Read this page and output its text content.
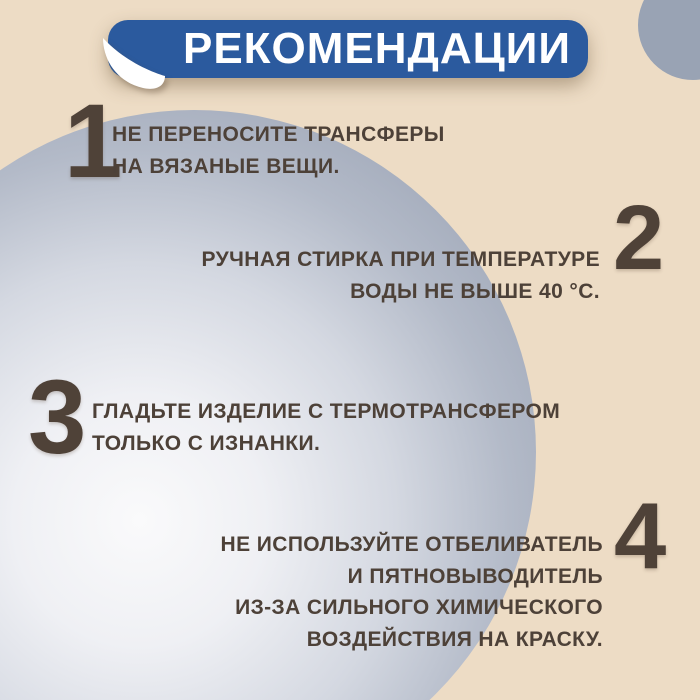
РЕКОМЕНДАЦИИ
1
НЕ ПЕРЕНОСИТЕ ТРАНСФЕРЫ
НА ВЯЗАНЫЕ ВЕЩИ.
2
РУЧНАЯ СТИРКА ПРИ ТЕМПЕРАТУРЕ
ВОДЫ НЕ ВЫШЕ 40 °С.
3 ГЛАДЬТЕ ИЗДЕЛИЕ С ТЕРМОТРАНСФЕРОМ
ТОЛЬКО С ИЗНАНКИ.
4
НЕ ИСПОЛЬЗУЙТЕ ОТБЕЛИВАТЕЛЬ
И ПЯТНОВЫВОДИТЕЛЬ
ИЗ-ЗА СИЛЬНОГО ХИМИЧЕСКОГО
ВОЗДЕЙСТВИЯ НА КРАСКУ.
